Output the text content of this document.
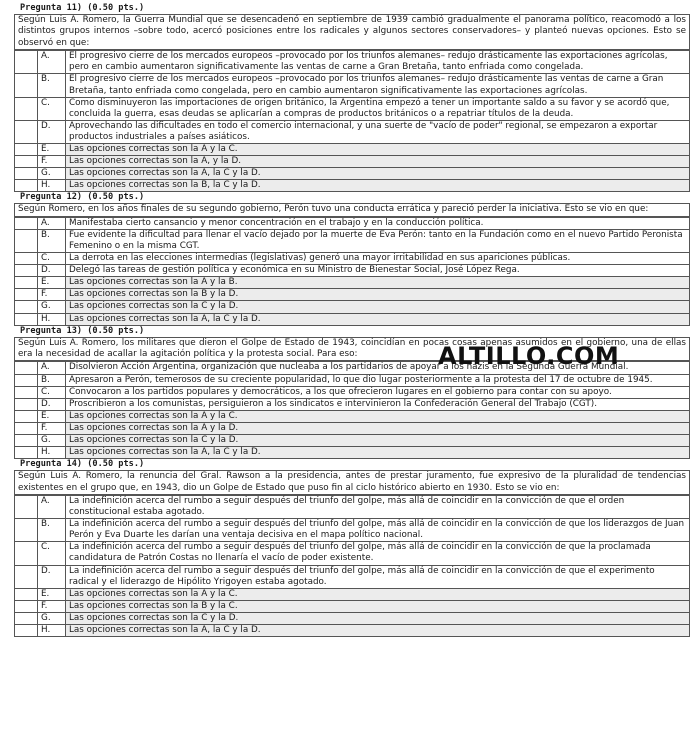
Pregunta 11) (0.50 pts.)
Según Luis A. Romero, la Guerra Mundial que se desencadenó en septiembre de 1939 cambió gradualmente el panorama político, reacomodó a los distintos grupos internos –sobre todo, acercó posiciones entre los radicales y algunos sectores conservadores– y planteó nuevas opciones. Esto se observó en que:
	A.	El progresivo cierre de los mercados europeos –provocado por los triunfos alemanes– redujo drásticamente las exportaciones agrícolas, pero en cambio aumentaron significativamente las ventas de carne a Gran Bretaña, tanto enfriada como congelada.
	B.	El progresivo cierre de los mercados europeos –provocado por los triunfos alemanes– redujo drásticamente las ventas de carne a Gran Bretaña, tanto enfriada como congelada, pero en cambio aumentaron significativamente las exportaciones agrícolas.
	C.	Como disminuyeron las importaciones de origen británico, la Argentina empezó a tener un importante saldo a su favor y se acordó que, concluida la guerra, esas deudas se aplicarían a compras de productos británicos o a repatriar títulos de la deuda.
	D.	Aprovechando las dificultades en todo el comercio internacional, y una suerte de "vacío de poder" regional, se empezaron a exportar productos industriales a países asiáticos.
	E.	Las opciones correctas son la A y la C.
	F.	Las opciones correctas son la A, y la D.
	G.	Las opciones correctas son la A, la C y la D.
	H.	Las opciones correctas son la B, la C y la D.
Pregunta 12) (0.50 pts.)
Según Romero, en los años finales de su segundo gobierno, Perón tuvo una conducta errática y pareció perder la iniciativa. Esto se vio en que:
	A.	Manifestaba cierto cansancio y menor concentración en el trabajo y en la conducción política.
	B.	Fue evidente la dificultad para llenar el vacío dejado por la muerte de Eva Perón: tanto en la Fundación como en el nuevo Partido Peronista Femenino o en la misma CGT.
	C.	La derrota en las elecciones intermedias (legislativas) generó una mayor irritabilidad en sus apariciones públicas.
	D.	Delegó las tareas de gestión política y económica en su Ministro de Bienestar Social, José López Rega.
	E.	Las opciones correctas son la A y la B.
	F.	Las opciones correctas son la B y la D.
	G.	Las opciones correctas son la C y la D.
	H.	Las opciones correctas son la A, la C y la D.
Pregunta 13) (0.50 pts.)
Según Luis A. Romero, los militares que dieron el Golpe de Estado de 1943, coincidían en pocas cosas apenas asumidos en el gobierno, una de ellas era la necesidad de acallar la agitación política y la protesta social. Para eso:
	A.	Disolvieron Acción Argentina, organización que nucleaba a los partidarios de apoyar a los nazis en la Segunda Guerra Mundial.
	B.	Apresaron a Perón, temerosos de su creciente popularidad, lo que dio lugar posteriormente a la protesta del 17 de octubre de 1945.
	C.	Convocaron a los partidos populares y democráticos, a los que ofrecieron lugares en el gobierno para contar con su apoyo.
	D.	Proscribieron a los comunistas, persiguieron a los sindicatos e intervinieron la Confederación General del Trabajo (CGT).
	E.	Las opciones correctas son la A y la C.
	F.	Las opciones correctas son la A y la D.
	G.	Las opciones correctas son la C y la D.
	H.	Las opciones correctas son la A, la C y la D.
Pregunta 14) (0.50 pts.)
Según Luis A. Romero, la renuncia del Gral. Rawson a la presidencia, antes de prestar juramento, fue expresivo de la pluralidad de tendencias existentes en el grupo que, en 1943, dio un Golpe de Estado que puso fin al ciclo histórico abierto en 1930. Esto se vio en:
	A.	La indefinición acerca del rumbo a seguir después del triunfo del golpe, más allá de coincidir en la convicción de que el orden constitucional estaba agotado.
	B.	La indefinición acerca del rumbo a seguir después del triunfo del golpe, más allá de coincidir en la convicción de que los liderazgos de Juan Perón y Eva Duarte les darían una ventaja decisiva en el mapa político nacional.
	C.	La indefinición acerca del rumbo a seguir después del triunfo del golpe, más allá de coincidir en la convicción de que la proclamada candidatura de Patrón Costas no llenaría el vacío de poder existente.
	D.	La indefinición acerca del rumbo a seguir después del triunfo del golpe, más allá de coincidir en la convicción de que el experimento radical y el liderazgo de Hipólito Yrigoyen estaba agotado.
	E.	Las opciones correctas son la A y la C.
	F.	Las opciones correctas son la B y la C.
	G.	Las opciones correctas son la C y la D.
	H.	Las opciones correctas son la A, la C y la D.
ALTILLO.COM
